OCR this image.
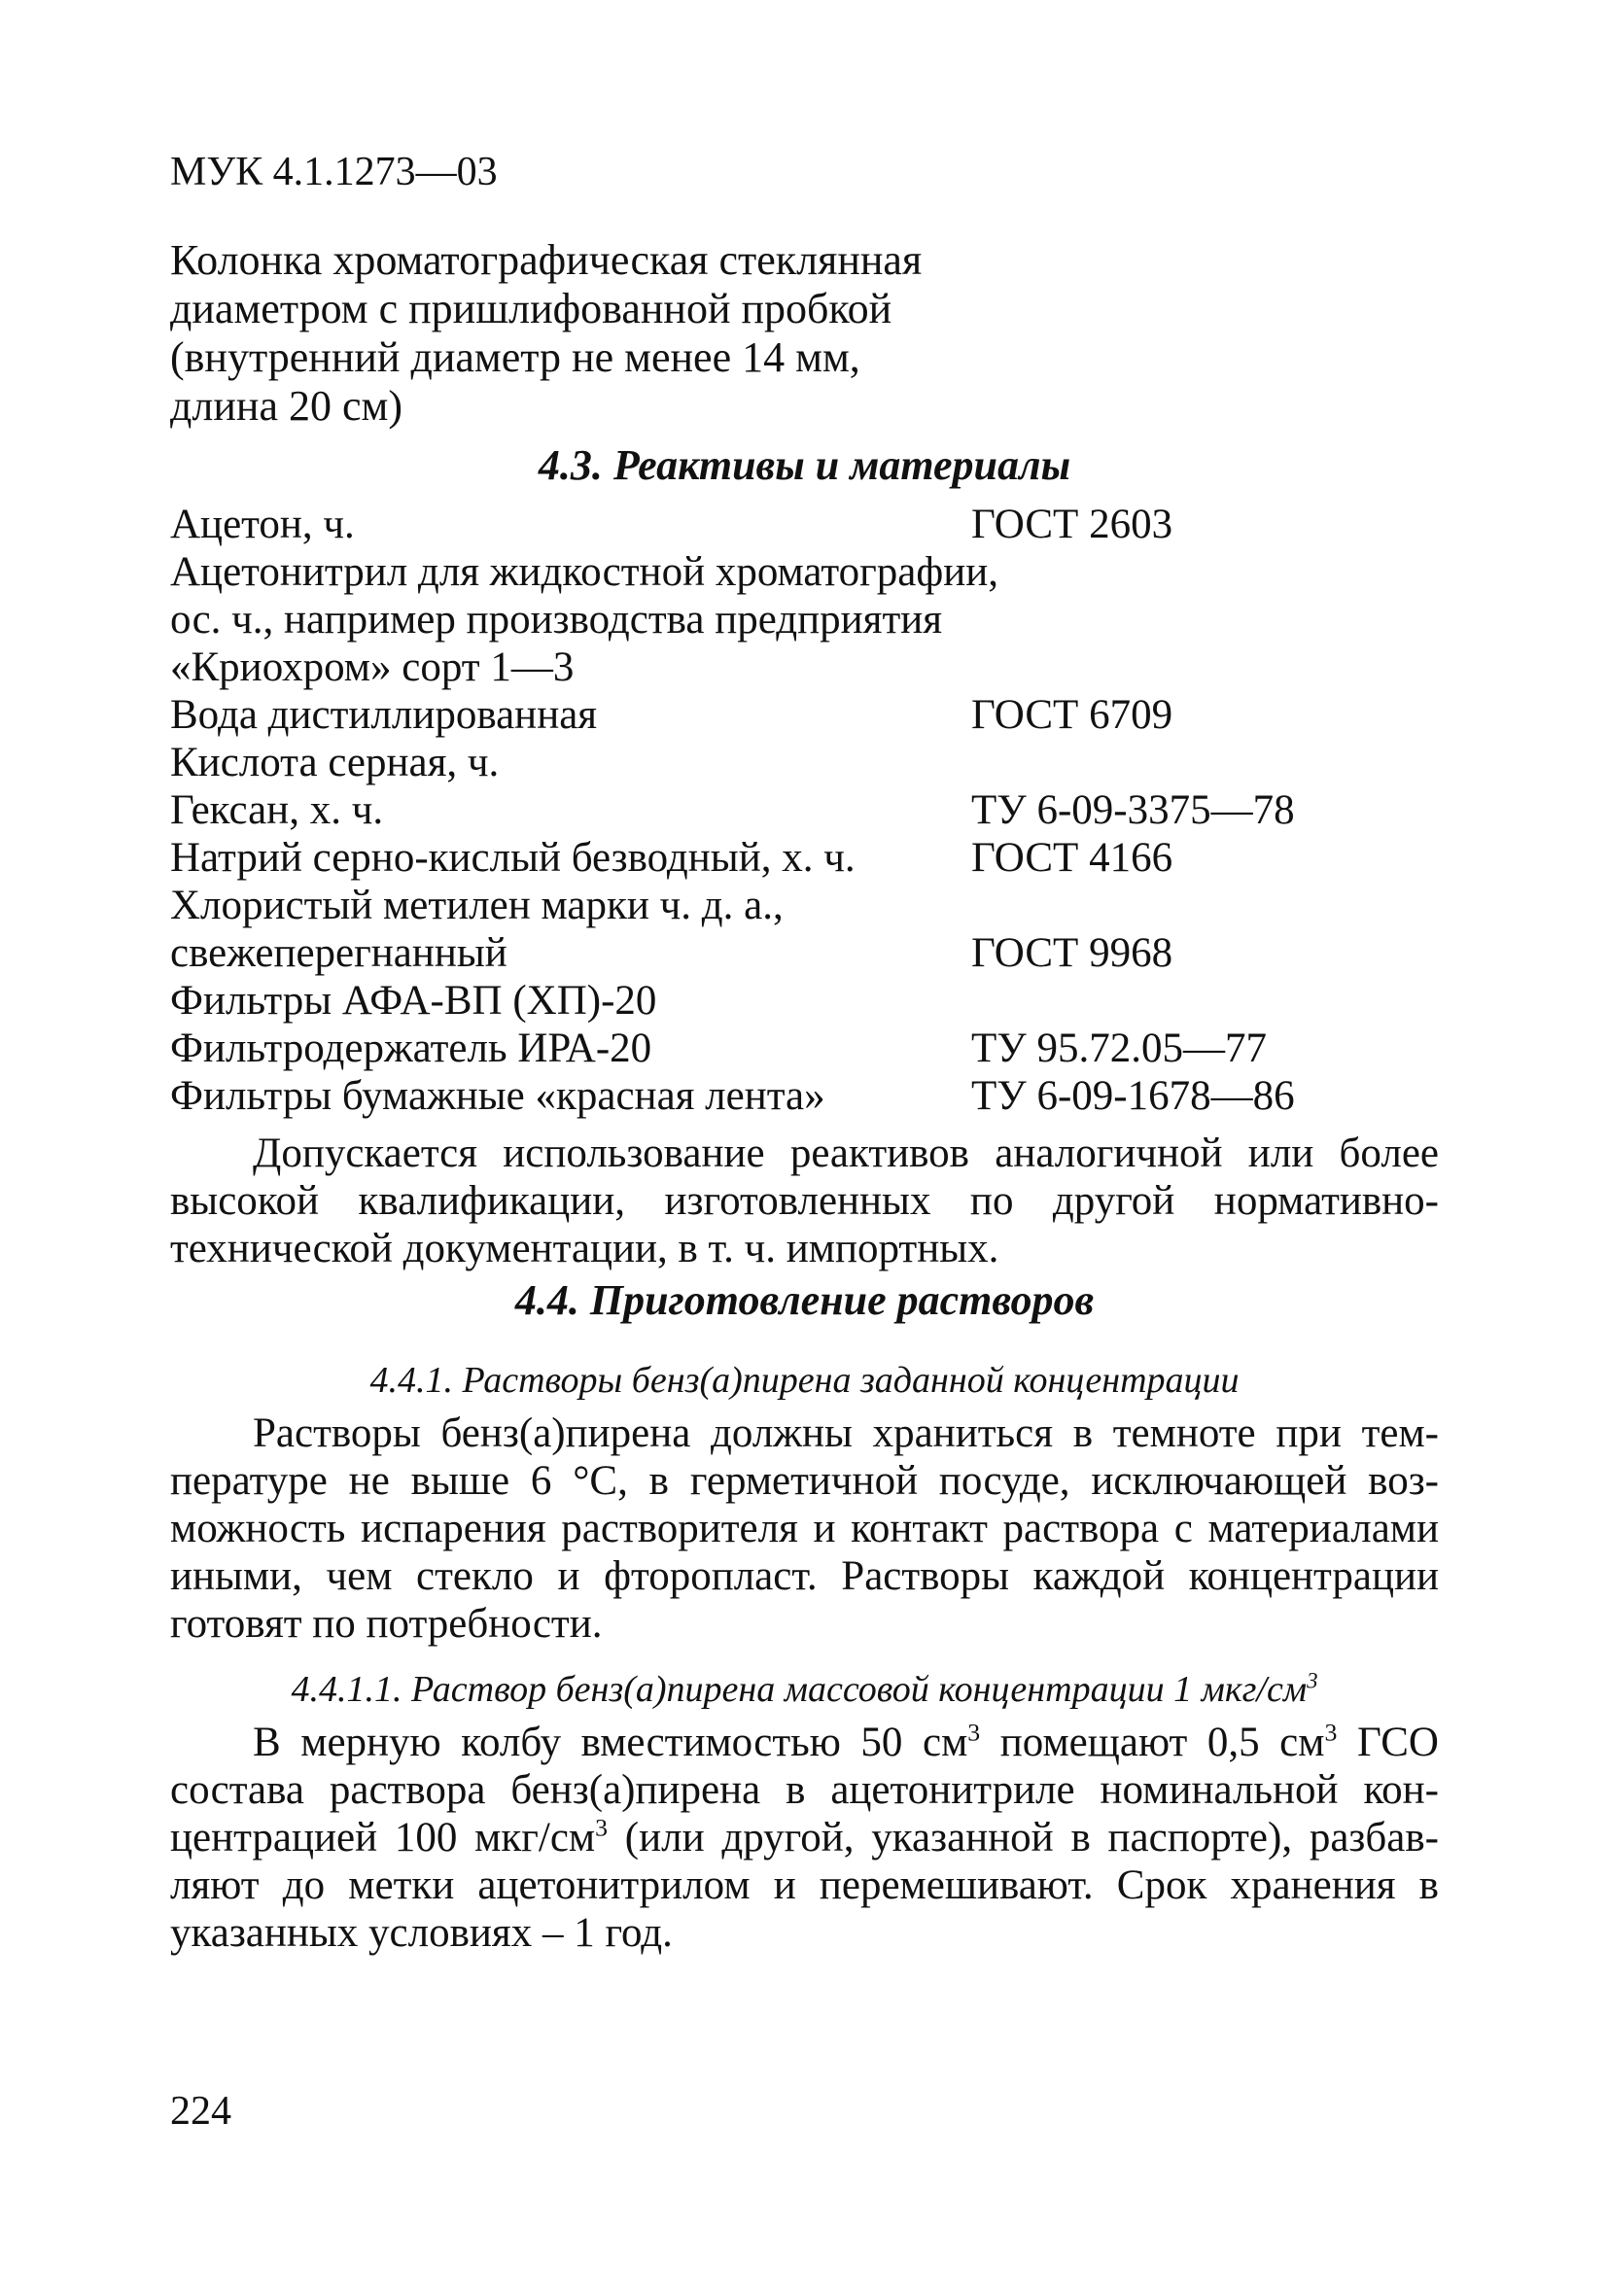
МУК 4.1.1273—03
Колонка хроматографическая стеклянная
диаметром с пришлифованной пробкой
(внутренний диаметр не менее 14 мм,
длина 20 см)
4.3. Реактивы и материалы
Ацетон, ч.	ГОСТ 2603
Ацетонитрил для жидкостной хроматографии,
ос. ч., например производства предприятия
«Криохром» сорт 1—3
Вода дистиллированная	ГОСТ 6709
Кислота серная, ч.
Гексан, х. ч.	ТУ 6-09-3375—78
Натрий серно-кислый безводный, х. ч.	ГОСТ 4166
Хлористый метилен марки ч. д. а.,
свежеперегнанный	ГОСТ 9968
Фильтры АФА-ВП (ХП)-20
Фильтродержатель ИРА-20	ТУ 95.72.05—77
Фильтры бумажные «красная лента»	ТУ 6-09-1678—86
Допускается использование реактивов аналогичной или более
высокой квалификации, изготовленных по другой нормативно-
технической документации, в т. ч. импортных.
4.4. Приготовление растворов
4.4.1. Растворы бенз(а)пирена заданной концентрации
Растворы бенз(а)пирена должны храниться в темноте при тем-
пературе не выше 6 °С, в герметичной посуде, исключающей воз-
можность испарения растворителя и контакт раствора с материалами
иными, чем стекло и фторопласт. Растворы каждой концентрации
готовят по потребности.
4.4.1.1. Раствор бенз(а)пирена массовой концентрации 1 мкг/$см^3$
В мерную колбу вместимостью 50 $см^3$ помещают 0,5 $см^3$ ГСО
состава раствора бенз(а)пирена в ацетонитриле номинальной кон-
центрацией 100 мкг/$см^3$ (или другой, указанной в паспорте), разбав-
ляют до метки ацетонитрилом и перемешивают. Срок хранения в
указанных условиях – 1 год.
224
